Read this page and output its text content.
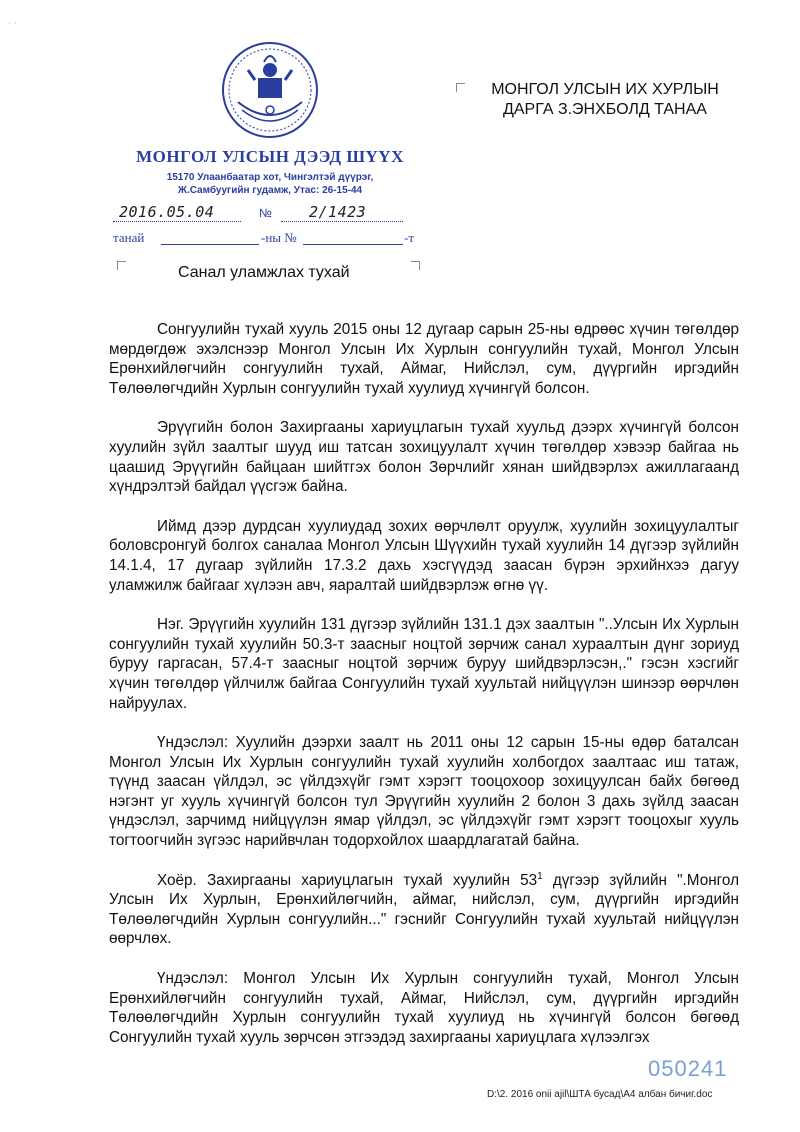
˙ ˙
МОНГОЛ УЛСЫН ДЭЭД ШҮҮХ
15170 Улаанбаатар хот, Чингэлтэй дүүрэг,
Ж.Самбуугийн гудамж, Утас: 26-15-44
2016.05.04	№ 2/1423
танай	-ны №	-т
МОНГОЛ УЛСЫН ИХ ХУРЛЫН
ДАРГА З.ЭНХБОЛД ТАНАА
Санал уламжлах тухай

Сонгуулийн тухай хууль 2015 оны 12 дугаар сарын 25-ны өдрөөс хүчин төгөлдөр мөрдөгдөж эхэлснээр Монгол Улсын Их Хурлын сонгуулийн тухай, Монгол Улсын Ерөнхийлөгчийн сонгуулийн тухай, Аймаг, Нийслэл, сум, дүүргийн иргэдийн Төлөөлөгчдийн Хурлын сонгуулийн тухай хуулиуд хүчингүй болсон.

Эрүүгийн болон Захиргааны хариуцлагын тухай хуульд дээрх хүчингүй болсон хуулийн зүйл заалтыг шууд иш татсан зохицуулалт хүчин төгөлдөр хэвээр байгаа нь цаашид Эрүүгийн байцаан шийтгэх болон Зөрчлийг хянан шийдвэрлэх ажиллагаанд хүндрэлтэй байдал үүсгэж байна.

Иймд дээр дурдсан хуулиудад зохих өөрчлөлт оруулж, хуулийн зохицуулалтыг боловсронгуй болгох саналаа Монгол Улсын Шүүхийн тухай хуулийн 14 дүгээр зүйлийн 14.1.4, 17 дугаар зүйлийн 17.3.2 дахь хэсгүүдэд заасан бүрэн эрхийнхээ дагуу уламжилж байгааг хүлээн авч, яаралтай шийдвэрлэж өгнө үү.

Нэг. Эрүүгийн хуулийн 131 дүгээр зүйлийн 131.1 дэх заалтын "..Улсын Их Хурлын сонгуулийн тухай хуулийн 50.3-т заасныг ноцтой зөрчиж санал хураалтын дүнг зориуд буруу гаргасан, 57.4-т заасныг ноцтой зөрчиж буруу шийдвэрлэсэн,." гэсэн хэсгийг хүчин төгөлдөр үйлчилж байгаа Сонгуулийн тухай хуультай нийцүүлэн шинээр өөрчлөн найруулах.

Үндэслэл: Хуулийн дээрхи заалт нь 2011 оны 12 сарын 15-ны өдөр баталсан Монгол Улсын Их Хурлын сонгуулийн тухай хуулийн холбогдох заалтаас иш татаж, түүнд заасан үйлдэл, эс үйлдэхүйг гэмт хэрэгт тооцохоор зохицуулсан байх бөгөөд нэгэнт уг хууль хүчингүй болсон тул Эрүүгийн хуулийн 2 болон 3 дахь зүйлд заасан үндэслэл, зарчимд нийцүүлэн ямар үйлдэл, эс үйлдэхүйг гэмт хэрэгт тооцохыг хууль тогтоогчийн зүгээс нарийвчлан тодорхойлох шаардлагатай байна.

Хоёр. Захиргааны хариуцлагын тухай хуулийн $53^1$ дүгээр зүйлийн ".Монгол Улсын Их Хурлын, Ерөнхийлөгчийн, аймаг, нийслэл, сум, дүүргийн иргэдийн Төлөөлөгчдийн Хурлын сонгуулийн..." гэснийг Сонгуулийн тухай хуультай нийцүүлэн өөрчлөх.

Үндэслэл: Монгол Улсын Их Хурлын сонгуулийн тухай, Монгол Улсын Ерөнхийлөгчийн сонгуулийн тухай, Аймаг, Нийслэл, сум, дүүргийн иргэдийн Төлөөлөгчдийн Хурлын сонгуулийн тухай хуулиуд нь хүчингүй болсон бөгөөд Сонгуулийн тухай хууль зөрчсөн этгээдэд захиргааны хариуцлага хүлээлгэх

050241
D:\2. 2016 onii ajil\ШТА бусад\А4 албан бичиг.doc
